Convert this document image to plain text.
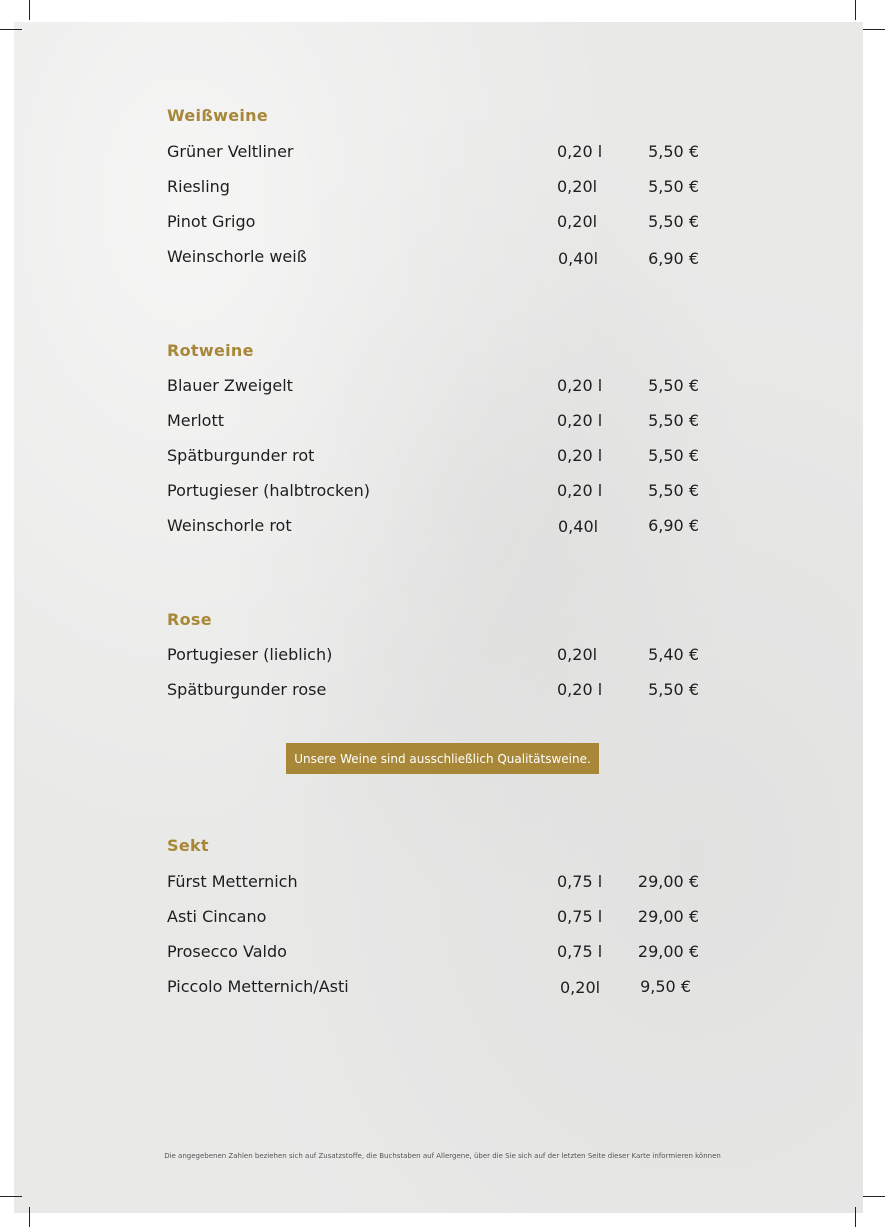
Weißweine
Grüner Veltliner	0,20 l	5,50 €
Riesling	0,20l	5,50 €
Pinot Grigo	0,20l	5,50 €
Weinschorle weiß	0,40l	6,90 €
Rotweine
Blauer Zweigelt	0,20 l	5,50 €
Merlott	0,20 l	5,50 €
Spätburgunder rot	0,20 l	5,50 €
Portugieser (halbtrocken)	0,20 l	5,50 €
Weinschorle rot	0,40l	6,90 €
Rose
Portugieser (lieblich)	0,20l	5,40 €
Spätburgunder rose	0,20 l	5,50 €
Unsere Weine sind ausschließlich Qualitätsweine.
Sekt
Fürst Metternich	0,75 l 29,00 €
Asti Cincano	0,75 l 29,00 €
Prosecco Valdo	0,75 l 29,00 €
Piccolo Metternich/Asti	0,20l	9,50 €
Die angegebenen Zahlen beziehen sich auf Zusatzstoffe, die Buchstaben auf Allergene, über die Sie sich auf der letzten Seite dieser Karte informieren können
